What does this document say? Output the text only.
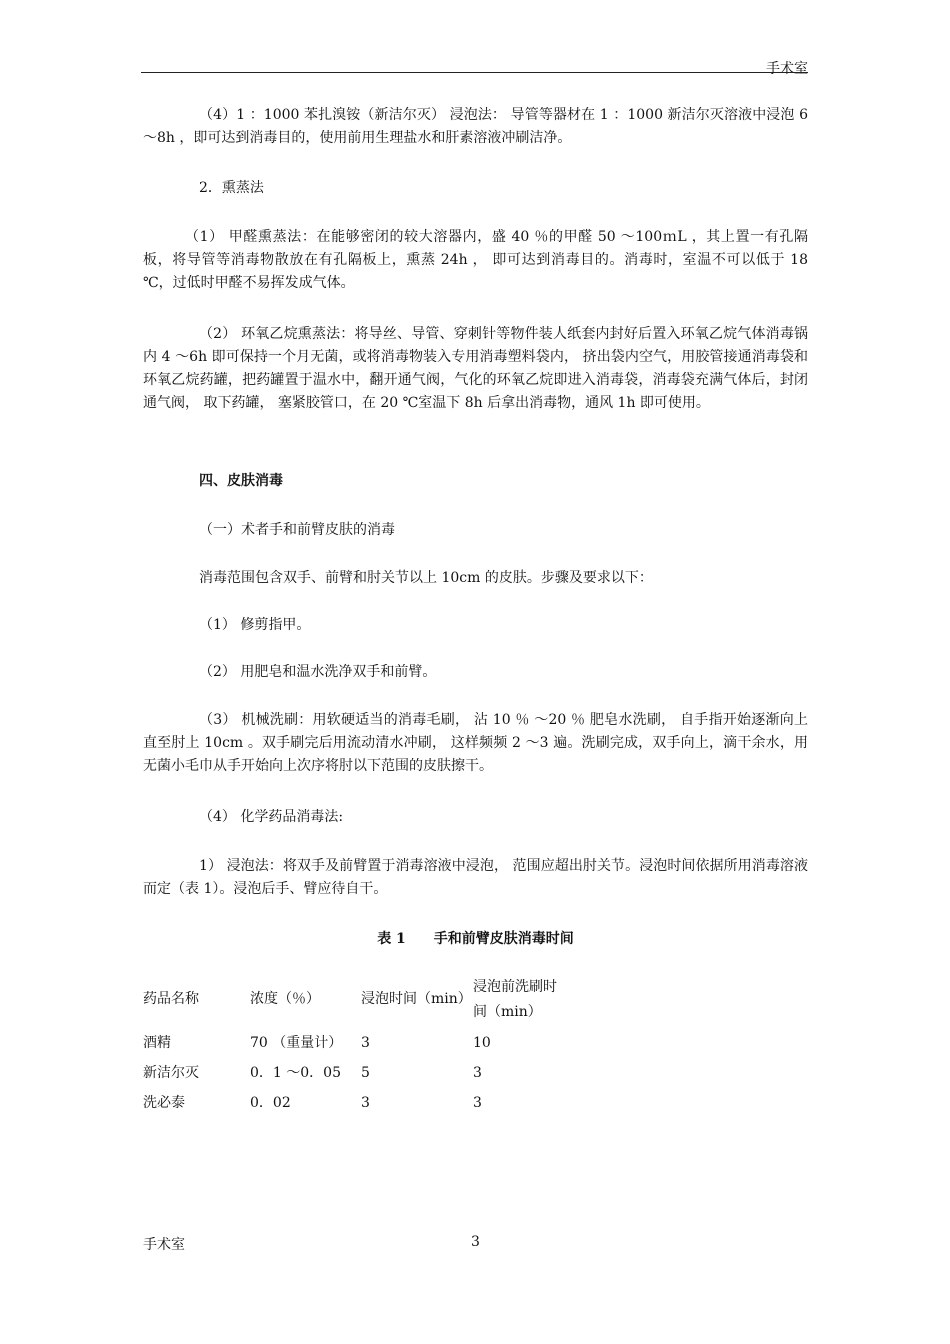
手术室

（4）1 ：1000 苯扎溴铵（新洁尔灭） 浸泡法： 导管等器材在 1 ：1000 新洁尔灭溶液中浸泡 6 ～8h ，即可达到消毒目的，使用前用生理盐水和肝素溶液冲刷洁净。

2．熏蒸法

（1） 甲醛熏蒸法：在能够密闭的较大溶器内，盛 40 ％的甲醛 50 ～100ｍL ，其上置一有孔隔板，将导管等消毒物散放在有孔隔板上，熏蒸 24h ， 即可达到消毒目的。消毒时，室温不可以低于 18 ℃，过低时甲醛不易挥发成气体。

（2） 环氧乙烷熏蒸法：将导丝、导管、穿刺针等物件装人纸套内封好后置入环氧乙烷气体消毒锅内 4 ～6h 即可保持一个月无菌，或将消毒物装入专用消毒塑料袋内， 挤出袋内空气，用胶管接通消毒袋和环氧乙烷药罐，把药罐置于温水中，翻开通气阀，气化的环氧乙烷即进入消毒袋，消毒袋充满气体后，封闭通气阀， 取下药罐， 塞紧胶管口，在 20 ℃室温下 8h 后拿出消毒物，通风 1h 即可使用。

四、皮肤消毒

（一）术者手和前臂皮肤的消毒

消毒范围包含双手、前臂和肘关节以上 10cm 的皮肤。步骤及要求以下：

（1） 修剪指甲。

（2） 用肥皂和温水洗净双手和前臂。

（3） 机械洗刷：用软硬适当的消毒毛刷， 沾 10 ％ ～20 ％ 肥皂水洗刷， 自手指开始逐渐向上直至肘上 10cm 。双手刷完后用流动清水冲刷， 这样频频 2 ～3 遍。洗刷完成，双手向上，滴干余水，用无菌小毛巾从手开始向上次序将肘以下范围的皮肤擦干。

（4） 化学药品消毒法:

1） 浸泡法：将双手及前臂置于消毒溶液中浸泡， 范围应超出肘关节。浸泡时间依据所用消毒溶液而定（表 1）。浸泡后手、臂应待自干。

表 1　　手和前臂皮肤消毒时间
药品名称	浓度（％）	浸泡时间（min）
浸泡前洗刷时
间（min）
酒精	70 （重量计） 3	10
新洁尔灭	0．1 ～0．05 5	3
洗必泰	0．02	3	3
手术室	3
